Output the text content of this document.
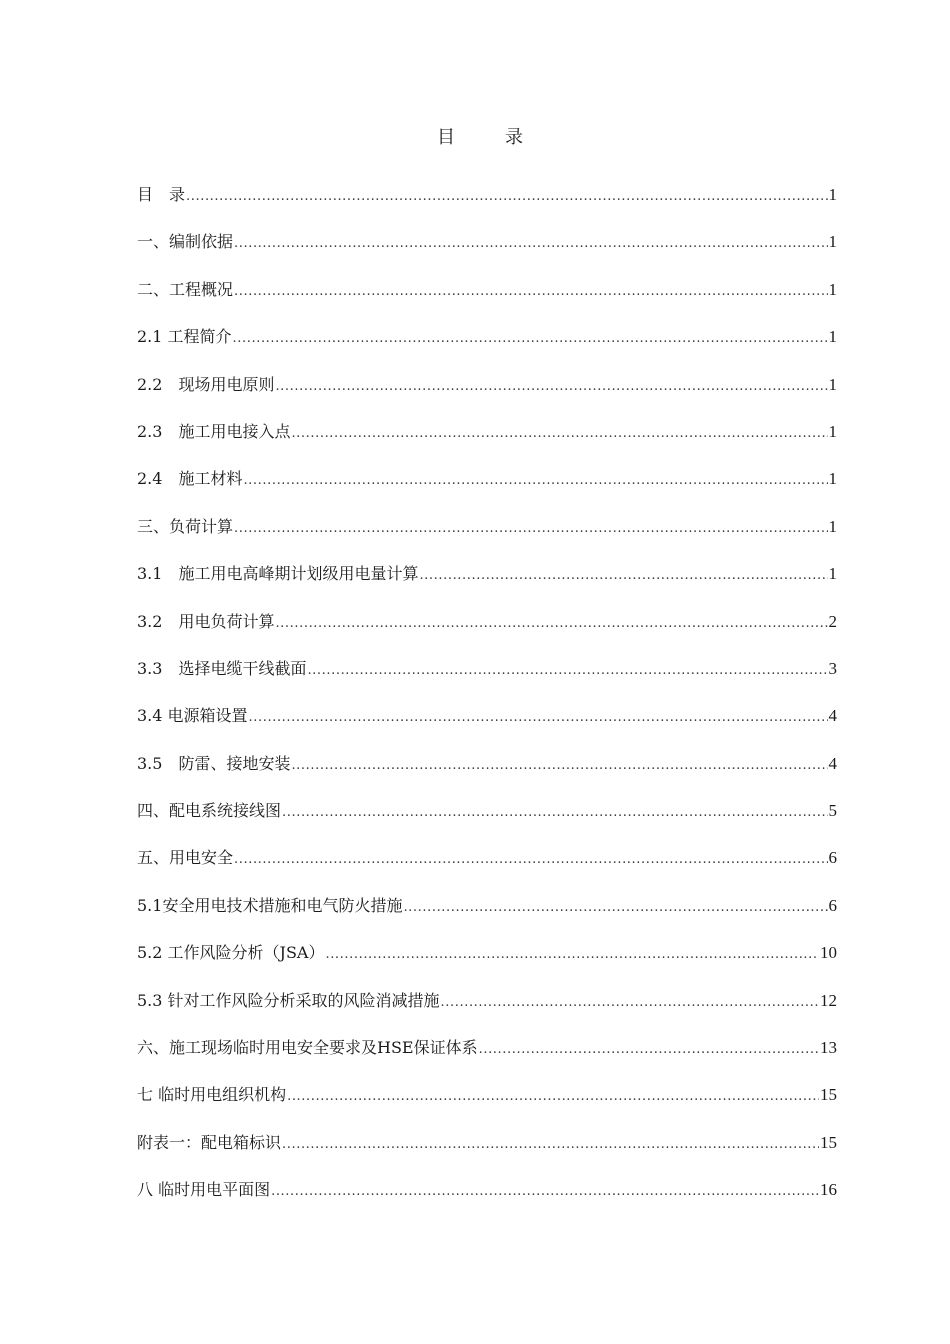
目　录
目　录 .....	1
一、编制依据 .....	1
二、工程概况 .....	1
2.1 工程简介 .....	1
2.2　现场用电原则 .....	1
2.3　施工用电接入点 .....	1
2.4　施工材料 .....	1
三、负荷计算 .....	1
3.1　施工用电高峰期计划级用电量计算 .....	1
3.2　用电负荷计算 .....	2
3.3　选择电缆干线截面 .....	3
3.4 电源箱设置 .....	4
3.5　防雷、接地安装 .....	4
四、配电系统接线图 .....	5
五、用电安全 .....	6
5.1安全用电技术措施和电气防火措施 .....	6
5.2 工作风险分析（JSA） .....	10
5.3 针对工作风险分析采取的风险消减措施 .....	12
六、施工现场临时用电安全要求及HSE保证体系 .....	13
七 临时用电组织机构 .....	15
附表一：配电箱标识 .....	15
八 临时用电平面图 .....	16
